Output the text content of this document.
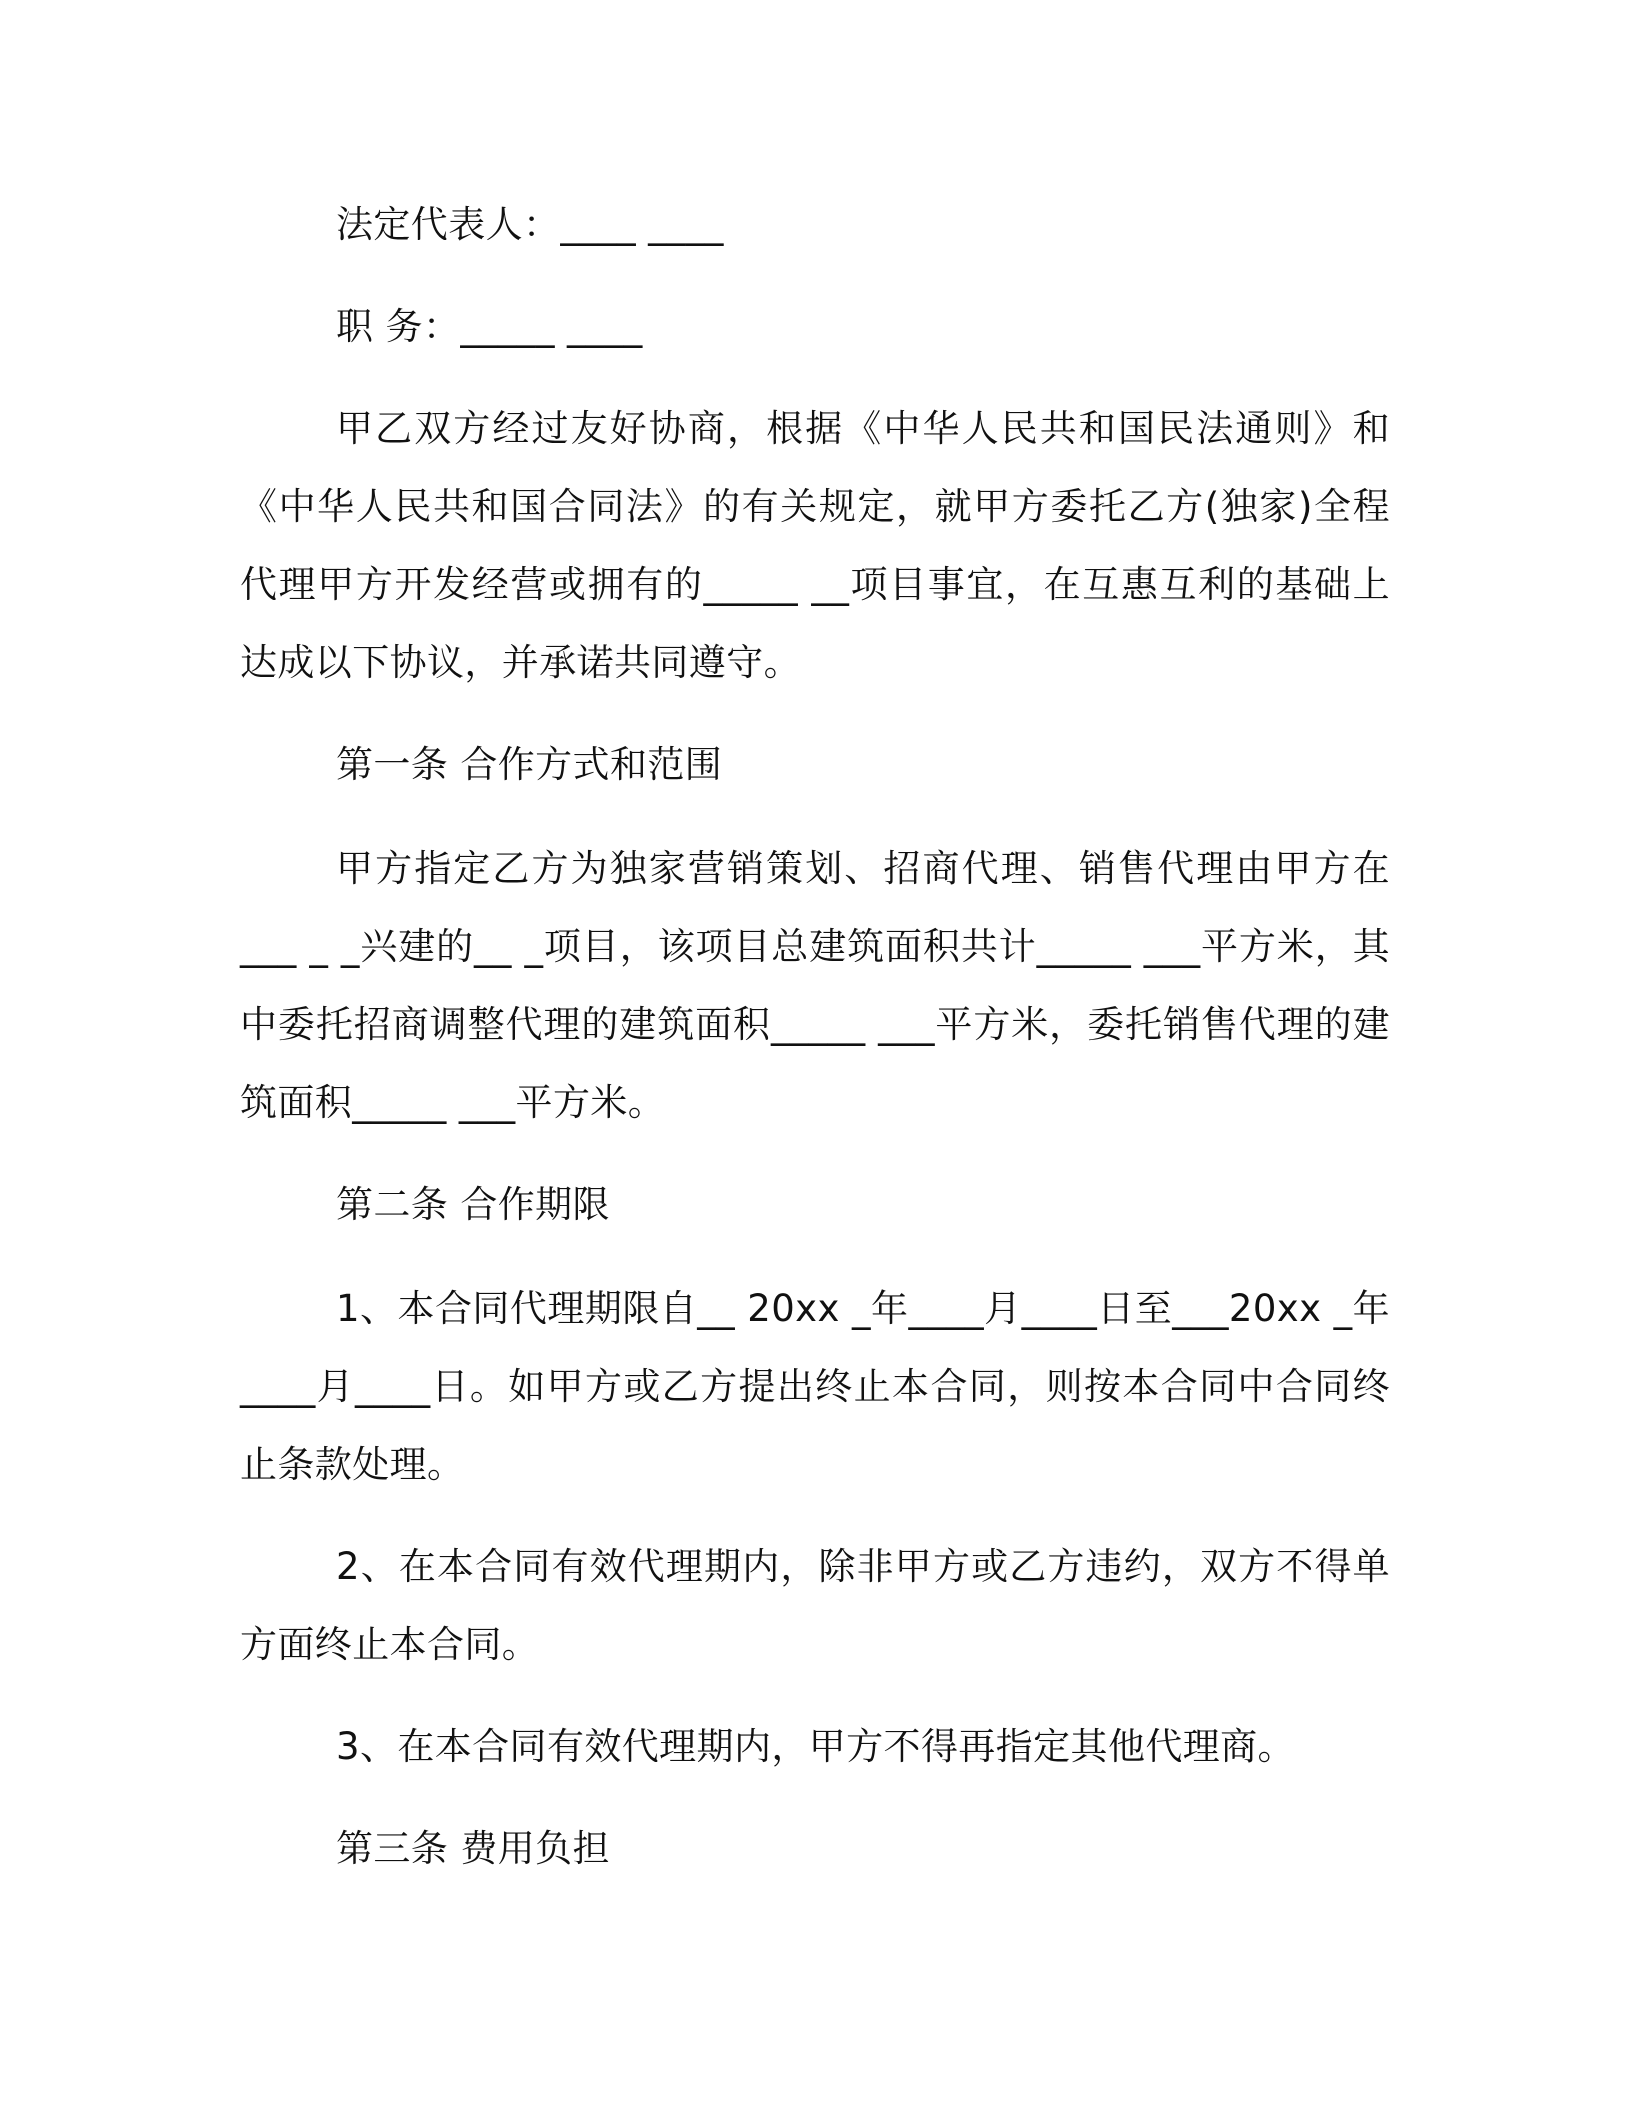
法定代表人：____ ____

职 务：_____ ____

甲乙双方经过友好协商，根据《中华人民共和国民法通则》和《中华人民共和国合同法》的有关规定，就甲方委托乙方(独家)全程代理甲方开发经营或拥有的_____ __项目事宜，在互惠互利的基础上达成以下协议，并承诺共同遵守。

第一条 合作方式和范围

甲方指定乙方为独家营销策划、招商代理、销售代理由甲方在___ _ _兴建的__ _项目，该项目总建筑面积共计_____ ___平方米，其中委托招商调整代理的建筑面积_____ ___平方米，委托销售代理的建筑面积_____ ___平方米。

第二条 合作期限

1、本合同代理期限自__ 20xx _年____月____日至___20xx _年____月____日。如甲方或乙方提出终止本合同，则按本合同中合同终止条款处理。

2、在本合同有效代理期内，除非甲方或乙方违约，双方不得单方面终止本合同。

3、在本合同有效代理期内，甲方不得再指定其他代理商。

第三条 费用负担
